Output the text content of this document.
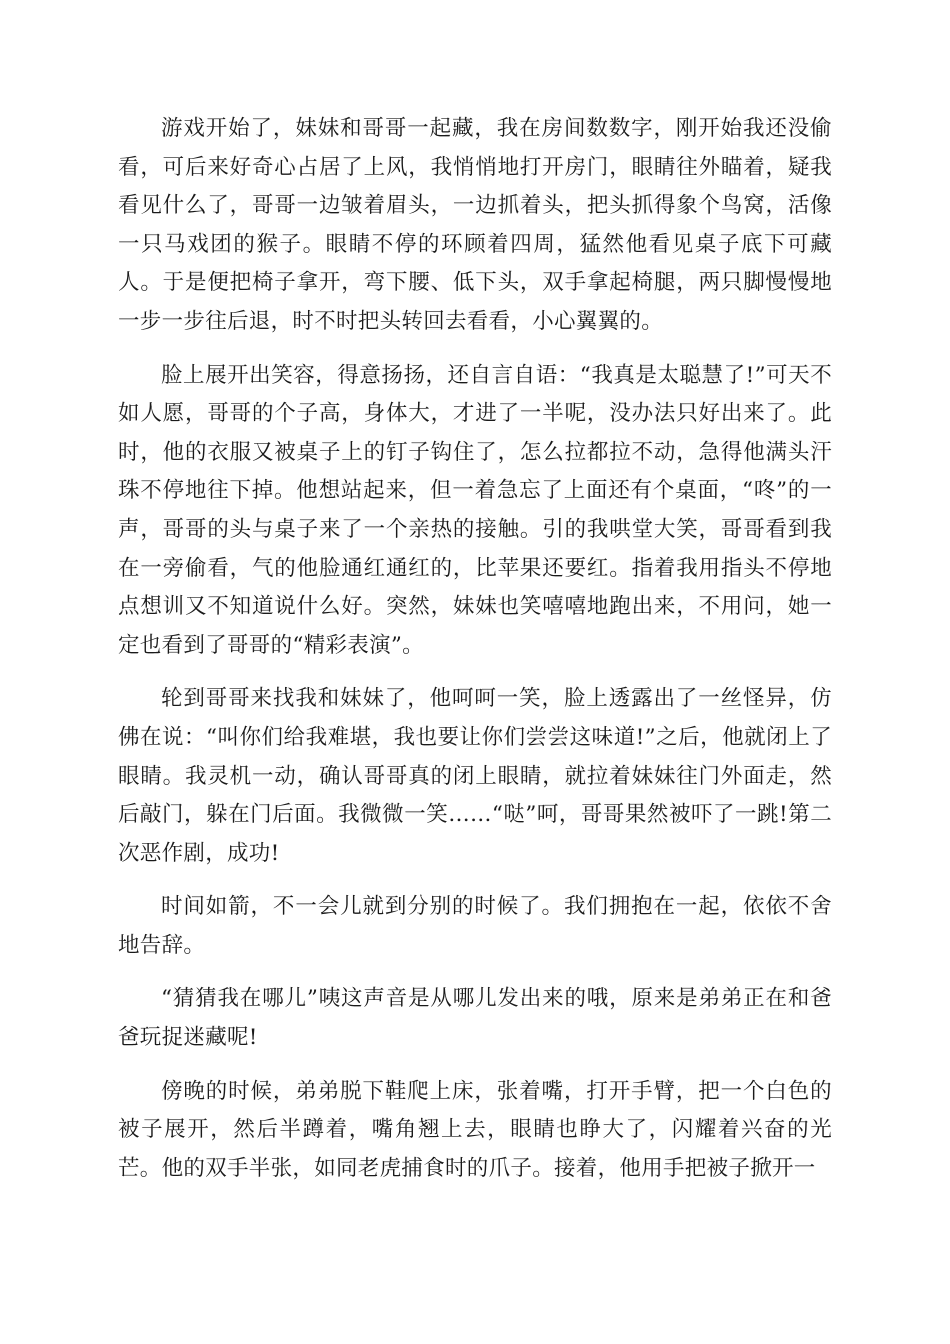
游戏开始了，妹妹和哥哥一起藏，我在房间数数字，刚开始我还没偷看，可后来好奇心占居了上风，我悄悄地打开房门，眼睛往外瞄着，疑我看见什么了，哥哥一边皱着眉头，一边抓着头，把头抓得象个鸟窝，活像一只马戏团的猴子。眼睛不停的环顾着四周，猛然他看见桌子底下可藏人。于是便把椅子拿开，弯下腰、低下头，双手拿起椅腿，两只脚慢慢地一步一步往后退，时不时把头转回去看看，小心翼翼的。

脸上展开出笑容，得意扬扬，还自言自语：“我真是太聪慧了!”可天不如人愿，哥哥的个子高，身体大，才进了一半呢，没办法只好出来了。此时，他的衣服又被桌子上的钉子钩住了，怎么拉都拉不动，急得他满头汗珠不停地往下掉。他想站起来，但一着急忘了上面还有个桌面，“咚”的一声，哥哥的头与桌子来了一个亲热的接触。引的我哄堂大笑，哥哥看到我在一旁偷看，气的他脸通红通红的，比苹果还要红。指着我用指头不停地点想训又不知道说什么好。突然，妹妹也笑嘻嘻地跑出来，不用问，她一定也看到了哥哥的“精彩表演”。

轮到哥哥来找我和妹妹了，他呵呵一笑，脸上透露出了一丝怪异，仿佛在说：“叫你们给我难堪，我也要让你们尝尝这味道!”之后，他就闭上了眼睛。我灵机一动，确认哥哥真的闭上眼睛，就拉着妹妹往门外面走，然后敲门，躲在门后面。我微微一笑……“哒”呵，哥哥果然被吓了一跳!第二次恶作剧，成功!

时间如箭，不一会儿就到分别的时候了。我们拥抱在一起，依依不舍地告辞。

“猜猜我在哪儿”咦这声音是从哪儿发出来的哦，原来是弟弟正在和爸爸玩捉迷藏呢!

傍晚的时候，弟弟脱下鞋爬上床，张着嘴，打开手臂，把一个白色的被子展开，然后半蹲着，嘴角翘上去，眼睛也睁大了，闪耀着兴奋的光芒。他的双手半张，如同老虎捕食时的爪子。接着，他用手把被子掀开一
